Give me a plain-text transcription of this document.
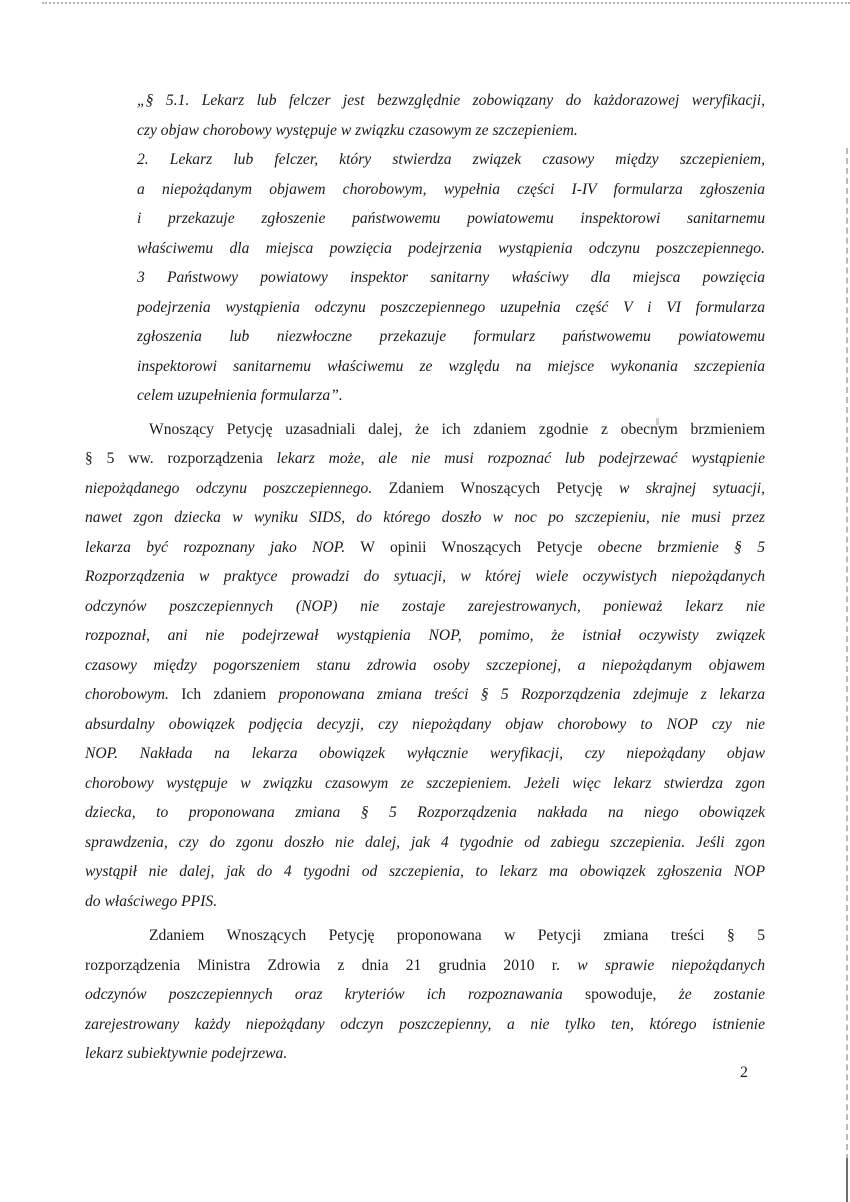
„§ 5.1. Lekarz lub felczer jest bezwzględnie zobowiązany do każdorazowej weryfikacji,
czy objaw chorobowy występuje w związku czasowym ze szczepieniem.
2. Lekarz lub felczer, który stwierdza związek czasowy między szczepieniem,
a niepożądanym objawem chorobowym, wypełnia części I-IV formularza zgłoszenia
i przekazuje zgłoszenie państwowemu powiatowemu inspektorowi sanitarnemu
właściwemu dla miejsca powzięcia podejrzenia wystąpienia odczynu poszczepiennego.
3 Państwowy powiatowy inspektor sanitarny właściwy dla miejsca powzięcia
podejrzenia wystąpienia odczynu poszczepiennego uzupełnia część V i VI formularza
zgłoszenia lub niezwłoczne przekazuje formularz państwowemu powiatowemu
inspektorowi sanitarnemu właściwemu ze względu na miejsce wykonania szczepienia
celem uzupełnienia formularza”.
Wnoszący Petycję uzasadniali dalej, że ich zdaniem zgodnie z obecnym brzmieniem
§ 5 ww. rozporządzenia lekarz może, ale nie musi rozpoznać lub podejrzewać wystąpienie
niepożądanego odczynu poszczepiennego. Zdaniem Wnoszących Petycję w skrajnej sytuacji,
nawet zgon dziecka w wyniku SIDS, do którego doszło w noc po szczepieniu, nie musi przez
lekarza być rozpoznany jako NOP. W opinii Wnoszących Petycje obecne brzmienie § 5
Rozporządzenia w praktyce prowadzi do sytuacji, w której wiele oczywistych niepożądanych
odczynów poszczepiennych (NOP) nie zostaje zarejestrowanych, ponieważ lekarz nie
rozpoznał, ani nie podejrzewał wystąpienia NOP, pomimo, że istniał oczywisty związek
czasowy między pogorszeniem stanu zdrowia osoby szczepionej, a niepożądanym objawem
chorobowym. Ich zdaniem proponowana zmiana treści § 5 Rozporządzenia zdejmuje z lekarza
absurdalny obowiązek podjęcia decyzji, czy niepożądany objaw chorobowy to NOP czy nie
NOP. Nakłada na lekarza obowiązek wyłącznie weryfikacji, czy niepożądany objaw
chorobowy występuje w związku czasowym ze szczepieniem. Jeżeli więc lekarz stwierdza zgon
dziecka, to proponowana zmiana § 5 Rozporządzenia nakłada na niego obowiązek
sprawdzenia, czy do zgonu doszło nie dalej, jak 4 tygodnie od zabiegu szczepienia. Jeśli zgon
wystąpił nie dalej, jak do 4 tygodni od szczepienia, to lekarz ma obowiązek zgłoszenia NOP
do właściwego PPIS.
Zdaniem Wnoszących Petycję proponowana w Petycji zmiana treści § 5
rozporządzenia Ministra Zdrowia z dnia 21 grudnia 2010 r. w sprawie niepożądanych
odczynów poszczepiennych oraz kryteriów ich rozpoznawania spowoduje, że zostanie
zarejestrowany każdy niepożądany odczyn poszczepienny, a nie tylko ten, którego istnienie
lekarz subiektywnie podejrzewa.
2
